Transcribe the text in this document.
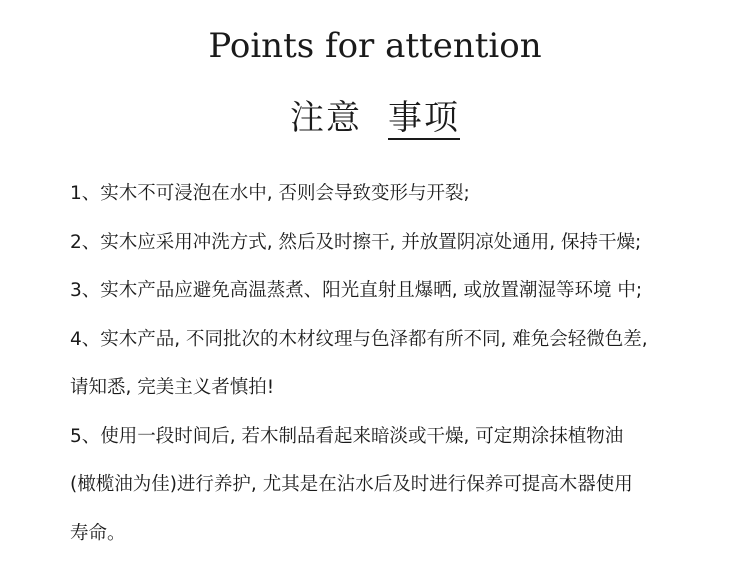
Points for attention
注意 事项
1、实木不可浸泡在水中, 否则会导致变形与开裂;
2、实木应采用冲洗方式, 然后及时擦干, 并放置阴凉处通用, 保持干燥;
3、实木产品应避免高温蒸煮、阳光直射且爆晒, 或放置潮湿等环境 中;
4、实木产品, 不同批次的木材纹理与色泽都有所不同, 难免会轻微色差,
请知悉, 完美主义者慎拍!
5、使用一段时间后, 若木制品看起来暗淡或干燥, 可定期涂抹植物油
(橄榄油为佳)进行养护, 尤其是在沾水后及时进行保养可提高木器使用
寿命。
